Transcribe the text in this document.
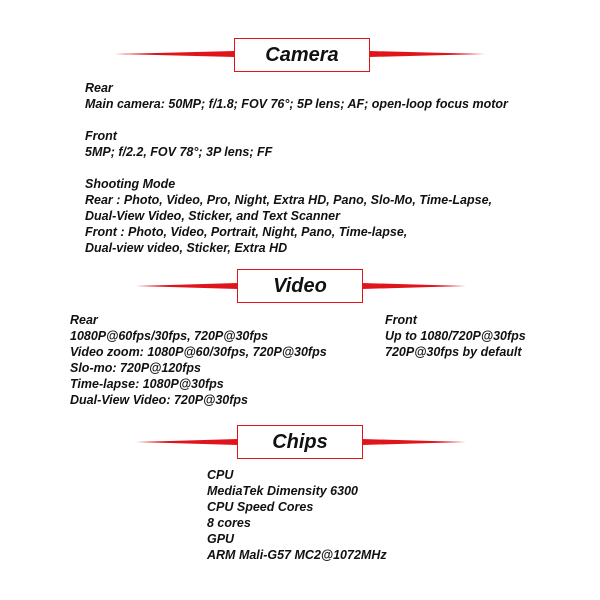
Camera
Rear
Main camera: 50MP; f/1.8; FOV 76°; 5P lens; AF; open-loop focus motor
Front
5MP; f/2.2, FOV 78°; 3P lens; FF
Shooting Mode
Rear : Photo, Video, Pro, Night, Extra HD, Pano, Slo-Mo, Time-Lapse,
Dual-View Video, Sticker, and Text Scanner
Front : Photo, Video, Portrait, Night, Pano, Time-lapse,
Dual-view video, Sticker, Extra HD
Video
Rear
1080P@60fps/30fps, 720P@30fps
Video zoom: 1080P@60/30fps, 720P@30fps
Slo-mo: 720P@120fps
Time-lapse: 1080P@30fps
Dual-View Video: 720P@30fps
Front
Up to 1080/720P@30fps
720P@30fps by default
Chips
CPU
MediaTek Dimensity 6300
CPU Speed Cores
8 cores
GPU
ARM Mali-G57 MC2@1072MHz
